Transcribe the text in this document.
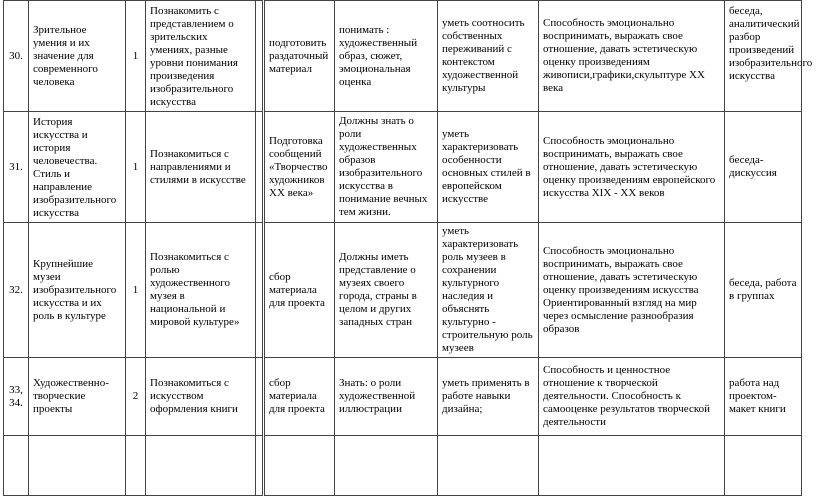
30.	Зрительное умения и их значение для современного человека	1	Познакомить с представлением о зрительских умениях, разные уровни понимания произведения изобразительного искусства		подготовить раздаточный материал	понимать : художественный образ, сюжет, эмоциональная оценка	уметь соотносить собственных переживаний с контекстом художественной культуры	Способность эмоционально воспринимать, выражать свое отношение, давать эстетическую оценку произведениям живописи,графики,скульптуре XX века	беседа, аналитический разбор произведений изобразительного искусства
31.	История искусства и история человечества. Стиль и направление изобразительного искусства	1	Познакомиться с направлениями и стилями в искусстве		Подготовка сообщений «Творчество художников XX века»	Должны знать о роли художественных образов изобразительного искусства в понимание вечных тем жизни.	уметь характеризовать особенности основных стилей в европейском искусстве	Способность эмоционально воспринимать, выражать свое отношение, давать эстетическую оценку произведениям европейского искусства XIX - XX веков	беседа-дискуссия
32.	Крупнейшие музеи изобразительного искусства и их роль в культуре	1	Познакомиться с ролью художественного музея в национальной и мировой культуре»		сбор материала для проекта	Должны иметь представление о музеях своего города, страны в целом и других западных стран	уметь характеризовать роль музеев в сохранении культурного наследия и объяснять культурно - строительную роль музеев	Способность эмоционально воспринимать, выражать свое отношение, давать эстетическую оценку произведениям искусства Ориентированный взгляд на мир через осмысление разнообразия образов	беседа, работа в группах
33, 34.	Художественно-творческие проекты	2	Познакомиться с искусством оформления книги		сбор материала для проекта	Знать: о роли художественной иллюстрации	уметь применять в работе навыки дизайна;	Способность и ценностное отношение к творческой деятельности. Способность к самооценке результатов творческой деятельности	работа над проектом-макет книги
